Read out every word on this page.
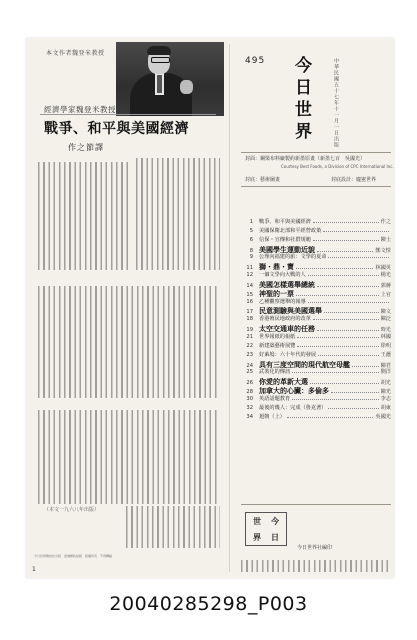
本文作者魏登米教授
經濟學家魏登米教授
戰爭、和平與美國經濟
作之節譯
（本文一九六八年出版）
1
今日世界雜誌社出版　香港郵政信箱　版權所有　不得轉載
495 今日世界	中華民國五十七年十一月一日出版
封面：鋼梁布料廠製約新墨原畫（新墨七百　吳國光）
Courtesy Best Foods, a Division of CPC International Inc.
封底：藝術圖畫	封底設計：龐憲世界
1 戰爭、和平與美國經濟	作之
5 美國保衛北部和平經營政策
6 信保・宣傳和社群規範	陳士
8 美國學生運動近貌	鄭文愷
9 公理向福建的旅：文學的夏命
11 獅・鼎・寶	林國英
12 一個文學向大戰的人	楊光
14 美國怎樣選舉總統	郭蔣
15 神聖的一票	上官
16 乙種觀察選舉的報導
17 民意測驗與美國選舉	陳文
18 香港殖民地政府的改革	陳泛
19 太空交通車的任務	時光
21 世界報紙的報紙	林國
22 新建築藝術展覽	徐明
23 好萊塢：六十年代的發展	王瀝
24 具有三度空間的現代航空母艦	陳君
25 武裝化的傳訊	劉洋
26 你愛的革新大選	胡光
28 加拿大的心臟：多倫多	陳光
30 英語話題教育	李志
32 最後的幾人：完成（魯克著）	胡東
34 迴朝（上）	吳國光
世	今
界	日
今日世界社編印
20040285298_P003
